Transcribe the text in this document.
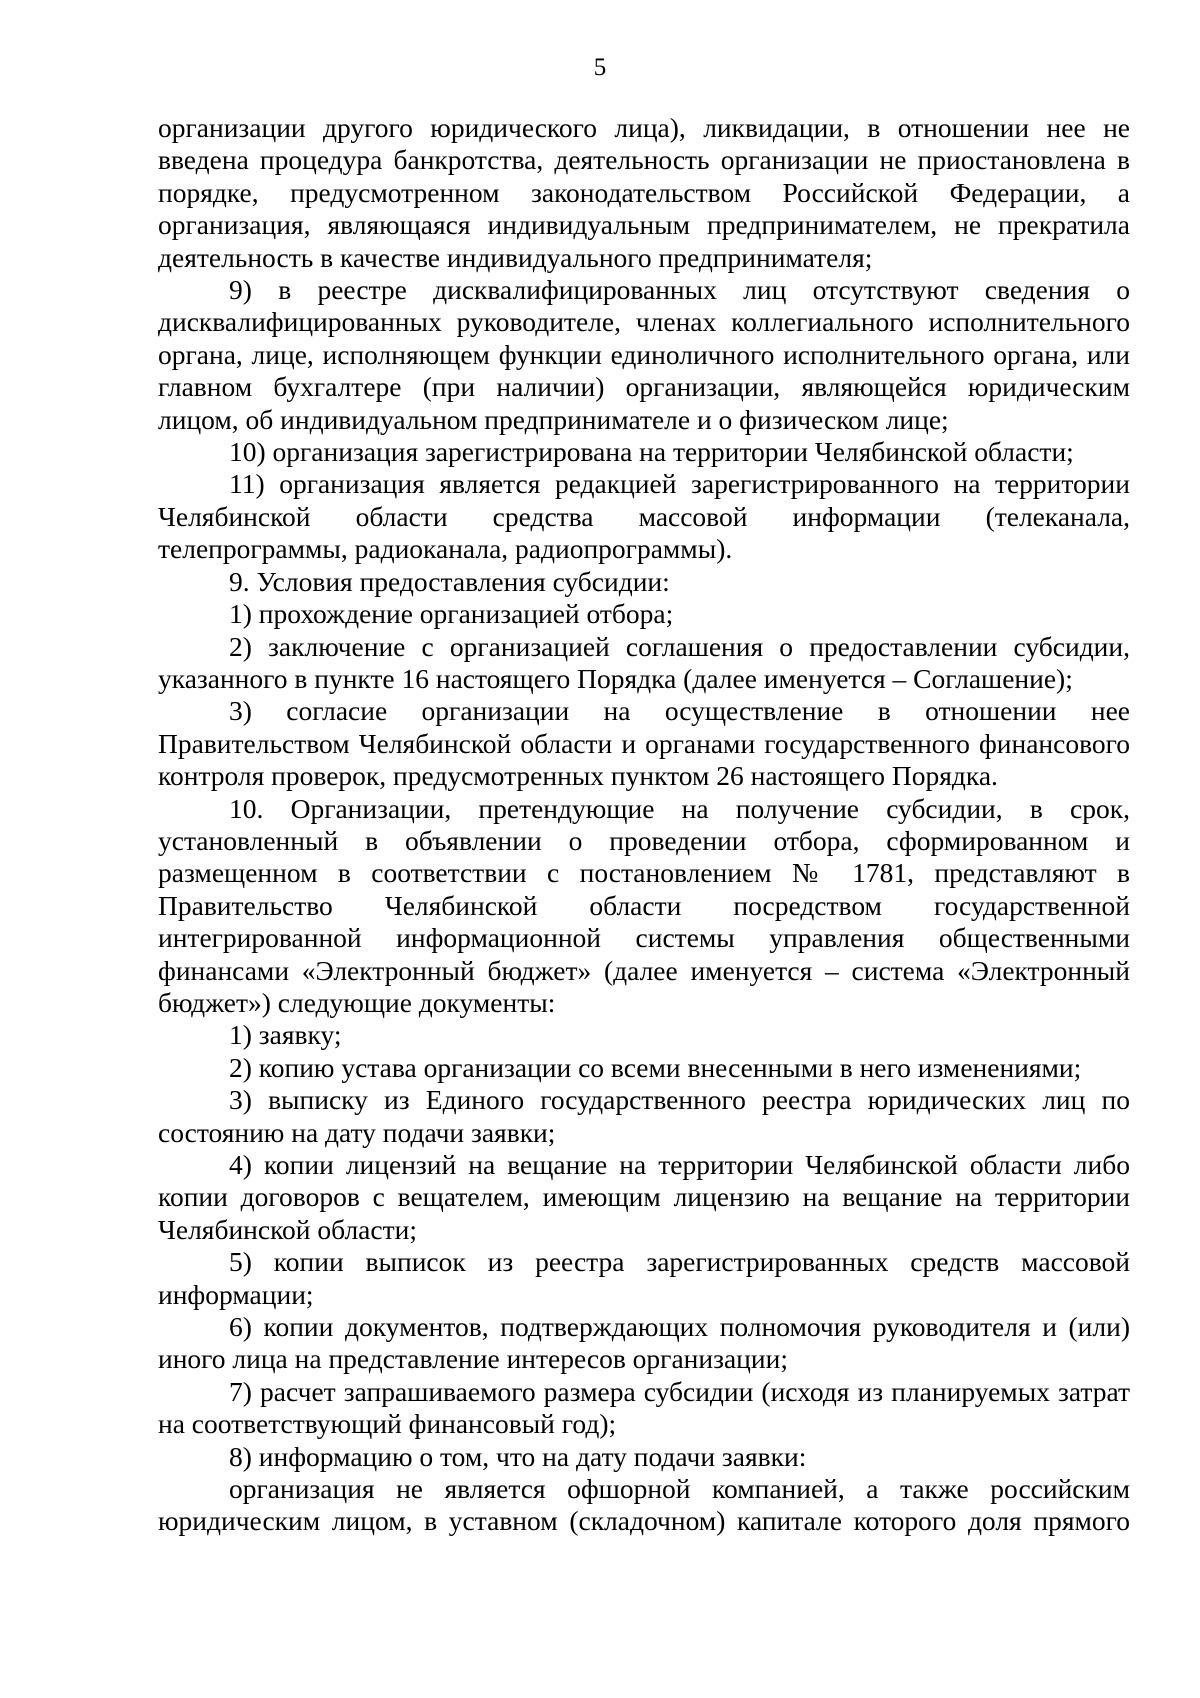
5

организации другого юридического лица), ликвидации, в отношении нее не введена процедура банкротства, деятельность организации не приостановлена в порядке, предусмотренном законодательством Российской Федерации, а организация, являющаяся индивидуальным предпринимателем, не прекратила деятельность в качестве индивидуального предпринимателя;

9) в реестре дисквалифицированных лиц отсутствуют сведения о дисквалифицированных руководителе, членах коллегиального исполнительного органа, лице, исполняющем функции единоличного исполнительного органа, или главном бухгалтере (при наличии) организации, являющейся юридическим лицом, об индивидуальном предпринимателе и о физическом лице;

10) организация зарегистрирована на территории Челябинской области;

11) организация является редакцией зарегистрированного на территории Челябинской области средства массовой информации (телеканала, телепрограммы, радиоканала, радиопрограммы).

9. Условия предоставления субсидии:

1) прохождение организацией отбора;

2) заключение с организацией соглашения о предоставлении субсидии, указанного в пункте 16 настоящего Порядка (далее именуется – Соглашение);

3) согласие организации на осуществление в отношении нее Правительством Челябинской области и органами государственного финансового контроля проверок, предусмотренных пунктом 26 настоящего Порядка.

10. Организации, претендующие на получение субсидии, в срок, установленный в объявлении о проведении отбора, сформированном и размещенном в соответствии с постановлением № 1781, представляют в Правительство Челябинской области посредством государственной интегрированной информационной системы управления общественными финансами «Электронный бюджет» (далее именуется – система «Электронный бюджет») следующие документы:

1) заявку;

2) копию устава организации со всеми внесенными в него изменениями;

3) выписку из Единого государственного реестра юридических лиц по состоянию на дату подачи заявки;

4) копии лицензий на вещание на территории Челябинской области либо копии договоров с вещателем, имеющим лицензию на вещание на территории Челябинской области;

5) копии выписок из реестра зарегистрированных средств массовой информации;

6) копии документов, подтверждающих полномочия руководителя и (или) иного лица на представление интересов организации;

7) расчет запрашиваемого размера субсидии (исходя из планируемых затрат на соответствующий финансовый год);

8) информацию о том, что на дату подачи заявки:

организация не является офшорной компанией, а также российским юридическим лицом, в уставном (складочном) капитале которого доля прямого
